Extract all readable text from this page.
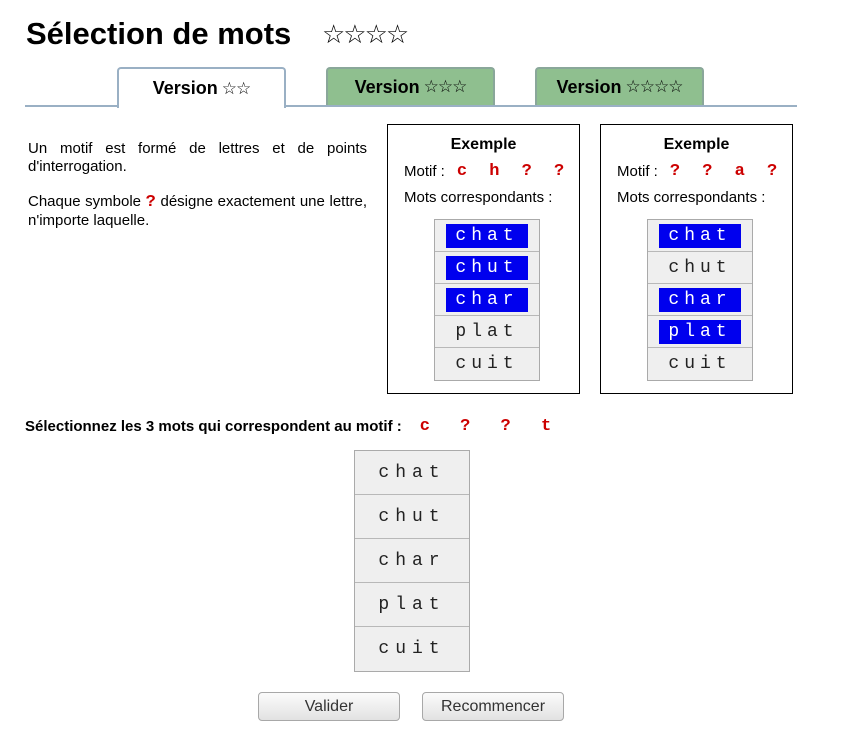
Sélection de mots ☆☆☆☆
Version ☆☆	Version ☆☆☆	Version ☆☆☆☆

Un motif est formé de lettres et de points d'interrogation.

Chaque symbole ? désigne exactement une lettre, n'importe laquelle.

Exemple
Motif : c h ? ?
Mots correspondants :
chat
chut
char
plat
cuit
Exemple
Motif : ? ? a ?
Mots correspondants :
chat
chut
char
plat
cuit
Sélectionnez les 3 mots qui correspondent au motif : c ? ? t
chat
chut
char
plat
cuit
Valider	Recommencer
